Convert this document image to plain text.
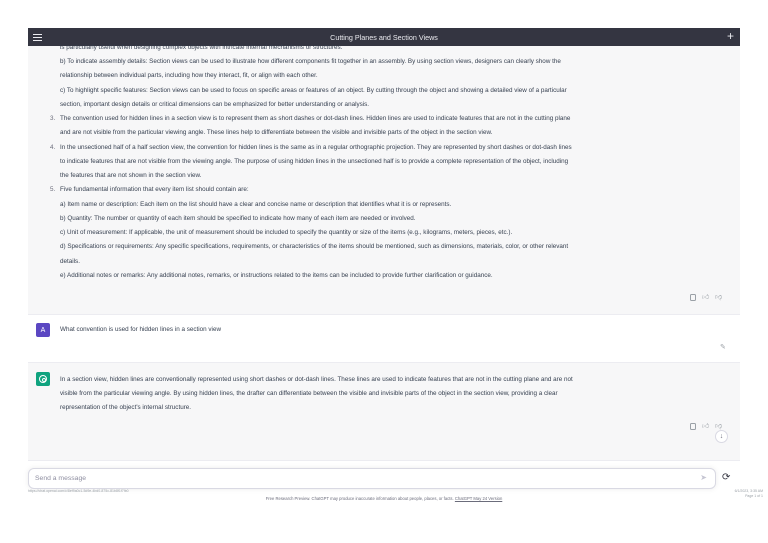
Cutting Planes and Section Views	+
is particularly useful when designing complex objects with intricate internal mechanisms or structures.
b) To indicate assembly details: Section views can be used to illustrate how different components fit together in an assembly. By using section views, designers can clearly show the
relationship between individual parts, including how they interact, fit, or align with each other.
c) To highlight specific features: Section views can be used to focus on specific areas or features of an object. By cutting through the object and showing a detailed view of a particular
section, important design details or critical dimensions can be emphasized for better understanding or analysis.
3. The convention used for hidden lines in a section view is to represent them as short dashes or dot-dash lines. Hidden lines are used to indicate features that are not in the cutting plane
and are not visible from the particular viewing angle. These lines help to differentiate between the visible and invisible parts of the object in the section view.
4. In the unsectioned half of a half section view, the convention for hidden lines is the same as in a regular orthographic projection. They are represented by short dashes or dot-dash lines
to indicate features that are not visible from the viewing angle. The purpose of using hidden lines in the unsectioned half is to provide a complete representation of the object, including
the features that are not shown in the section view.
5. Five fundamental information that every item list should contain are:
a) Item name or description: Each item on the list should have a clear and concise name or description that identifies what it is or represents.
b) Quantity: The number or quantity of each item should be specified to indicate how many of each item are needed or involved.
c) Unit of measurement: If applicable, the unit of measurement should be included to specify the quantity or size of the items (e.g., kilograms, meters, pieces, etc.).
d) Specifications or requirements: Any specific specifications, requirements, or characteristics of the items should be mentioned, such as dimensions, materials, color, or other relevant
details.
e) Additional notes or remarks: Any additional notes, remarks, or instructions related to the items can be included to provide further clarification or guidance.
👍︎ 👎︎
A	What convention is used for hidden lines in a section view
✎
In a section view, hidden lines are conventionally represented using short dashes or dot-dash lines. These lines are used to indicate features that are not in the cutting plane and are not
visible from the particular viewing angle. By using hidden lines, the drafter can differentiate between the visible and invisible parts of the object in the section view, providing a clear
representation of the object's internal structure.
👍︎ 👎︎
↓
Send a message
➤ ⟳
https://chat.openai.com/c/8ef9a0c1-5d9e-4bd0-875c-81b8f1f7fb0	6/1/2023, 3:35 AM
Page 1 of 1
Free Research Preview. ChatGPT may produce inaccurate information about people, places, or facts. ChatGPT May 24 Version
